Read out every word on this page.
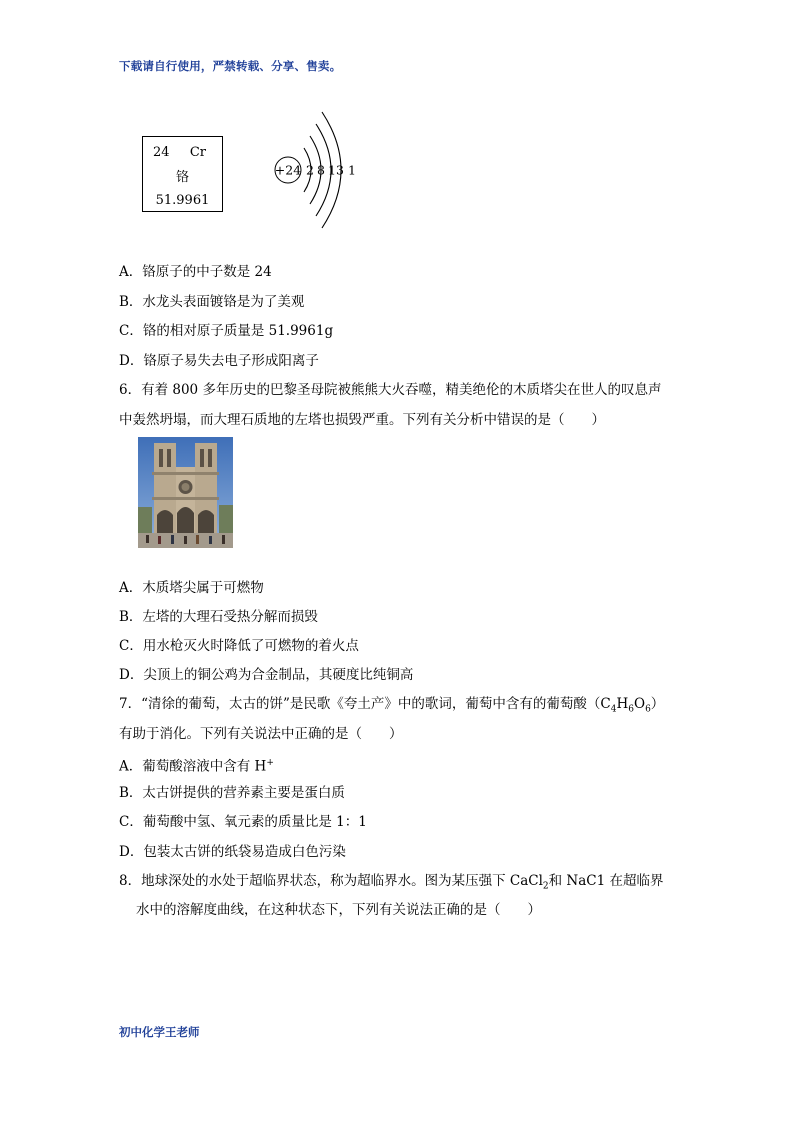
下载请自行使用，严禁转载、分享、售卖。
24 Cr
铬
51.9961
+24 2 8 13 1
A．铬原子的中子数是 24
B．水龙头表面镀铬是为了美观
C．铬的相对原子质量是 51.9961g
D．铬原子易失去电子形成阳离子
6．有着 800 多年历史的巴黎圣母院被熊熊大火吞噬，精美绝伦的木质塔尖在世人的叹息声
中轰然坍塌，而大理石质地的左塔也损毁严重。下列有关分析中错误的是（　　）
A．木质塔尖属于可燃物
B．左塔的大理石受热分解而损毁
C．用水枪灭火时降低了可燃物的着火点
D．尖顶上的铜公鸡为合金制品，其硬度比纯铜高
7．“清徐的葡萄，太古的饼”是民歌《夸土产》中的歌词，葡萄中含有的葡萄酸$(C_4H_6O_6)$
有助于消化。下列有关说法中正确的是（　　）
A．葡萄酸溶液中含有 H+
B．太古饼提供的营养素主要是蛋白质
C．葡萄酸中氢、氧元素的质量比是 1：1
D．包装太古饼的纸袋易造成白色污染
8．地球深处的水处于超临界状态，称为超临界水。图为某压强下 CaCl$_2$和 NaC1 在超临界
水中的溶解度曲线，在这种状态下，下列有关说法正确的是（　　）
初中化学王老师
